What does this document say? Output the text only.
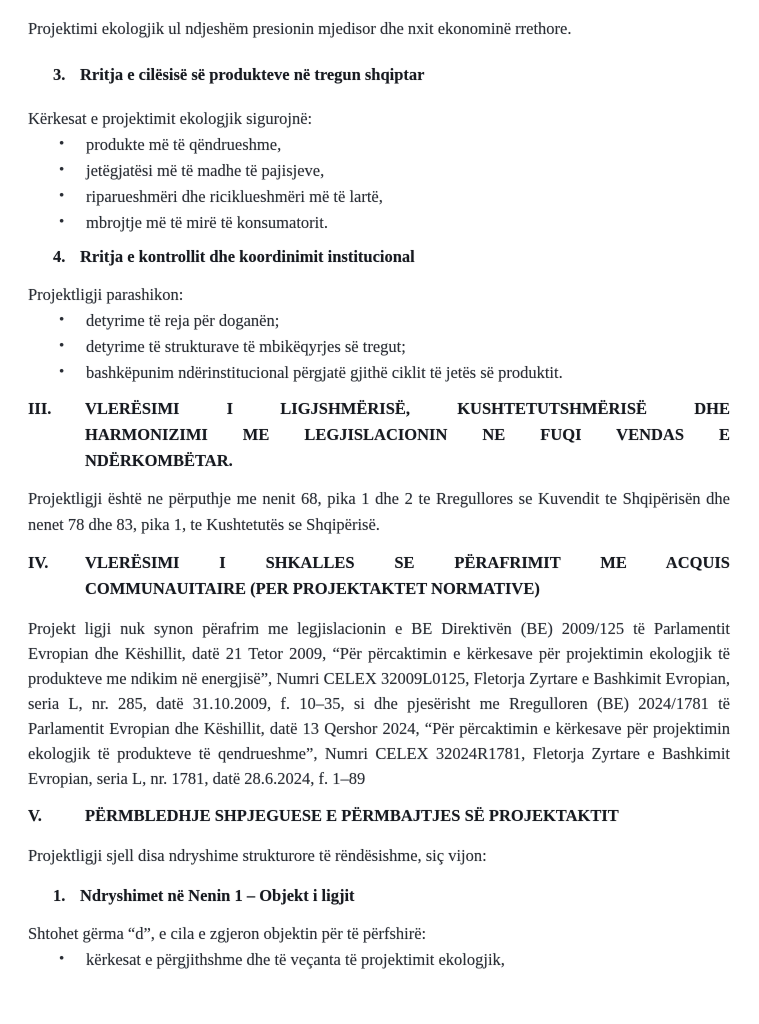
Projektimi ekologjik ul ndjeshëm presionin mjedisor dhe nxit ekonominë rrethore.

3. Rritja e cilësisë së produkteve në tregun shqiptar

Kërkesat e projektimit ekologjik sigurojnë:

• produkte më të qëndrueshme,
• jetëgjatësi më të madhe të pajisjeve,
• riparueshmëri dhe riciklueshmëri më të lartë,
• mbrojtje më të mirë të konsumatorit.
4. Rritja e kontrollit dhe koordinimit institucional

Projektligji parashikon:

• detyrime të reja për doganën;
• detyrime të strukturave të mbikëqyrjes së tregut;
• bashkëpunim ndërinstitucional përgjatë gjithë ciklit të jetës së produktit.
III.	VLERËSIMI I LIGJSHMËRISË, KUSHTETUTSHMËRISË DHE
HARMONIZIMI ME LEGJISLACIONIN NE FUQI VENDAS E
NDËRKOMBËTAR.

Projektligji është ne përputhje me nenit 68, pika 1 dhe 2 te Rregullores se Kuvendit te Shqipërisën dhe nenet 78 dhe 83, pika 1, te Kushtetutës se Shqipërisë.

IV.	VLERËSIMI I SHKALLES SE PËRAFRIMIT ME ACQUIS
COMMUNAUITAIRE (PER PROJEKTAKTET NORMATIVE)

Projekt ligji nuk synon përafrim me legjislacionin e BE Direktivën (BE) 2009/125 të Parlamentit Evropian dhe Këshillit, datë 21 Tetor 2009, “Për përcaktimin e kërkesave për projektimin ekologjik të produkteve me ndikim në energjisë”, Numri CELEX 32009L0125, Fletorja Zyrtare e Bashkimit Evropian, seria L, nr. 285, datë 31.10.2009, f. 10–35, si dhe pjesërisht me Rregulloren (BE) 2024/1781 të Parlamentit Evropian dhe Këshillit, datë 13 Qershor 2024, “Për përcaktimin e kërkesave për projektimin ekologjik të produkteve të qendrueshme”, Numri CELEX 32024R1781, Fletorja Zyrtare e Bashkimit Evropian, seria L, nr. 1781, datë 28.6.2024, f. 1–89

V.	PËRMBLEDHJE SHPJEGUESE E PËRMBAJTJES SË PROJEKTAKTIT

Projektligji sjell disa ndryshime strukturore të rëndësishme, siç vijon:

1. Ndryshimet në Nenin 1 – Objekt i ligjit

Shtohet gërma “d”, e cila e zgjeron objektin për të përfshirë:

• kërkesat e përgjithshme dhe të veçanta të projektimit ekologjik,
